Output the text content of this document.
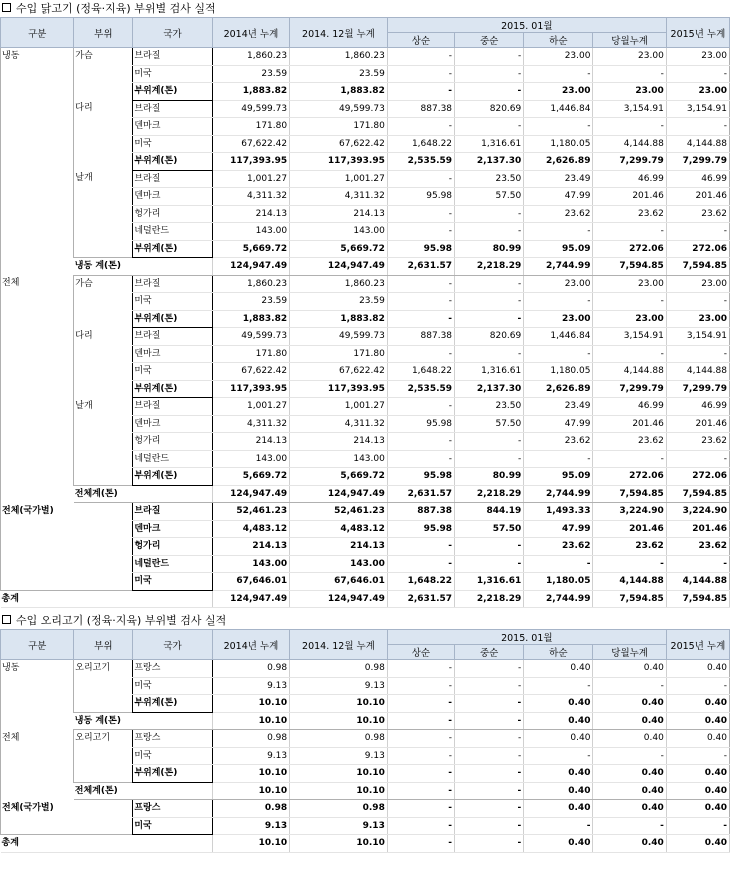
수입 닭고기 (정육·지육) 부위별 검사 실적
구분	부위	국가	2014년 누계	2014. 12월 누계	2015. 01월				2015년 누계
					상순	중순	하순	당월누계	
냉동	가슴	브라질	1,860.23	1,860.23	-	-	23.00	23.00	23.00
		미국	23.59	23.59	-	-	-	-	-
		부위계(톤)	1,883.82	1,883.82	-	-	23.00	23.00	23.00
	다리	브라질	49,599.73	49,599.73	887.38	820.69	1,446.84	3,154.91	3,154.91
		덴마크	171.80	171.80	-	-	-	-	-
		미국	67,622.42	67,622.42	1,648.22	1,316.61	1,180.05	4,144.88	4,144.88
		부위계(톤)	117,393.95	117,393.95	2,535.59	2,137.30	2,626.89	7,299.79	7,299.79
	날개	브라질	1,001.27	1,001.27	-	23.50	23.49	46.99	46.99
		덴마크	4,311.32	4,311.32	95.98	57.50	47.99	201.46	201.46
		헝가리	214.13	214.13	-	-	23.62	23.62	23.62
		네덜란드	143.00	143.00	-	-	-	-	-
		부위계(톤)	5,669.72	5,669.72	95.98	80.99	95.09	272.06	272.06
	냉동 계(톤)		124,947.49	124,947.49	2,631.57	2,218.29	2,744.99	7,594.85	7,594.85
전체	가슴	브라질	1,860.23	1,860.23	-	-	23.00	23.00	23.00
		미국	23.59	23.59	-	-	-	-	-
		부위계(톤)	1,883.82	1,883.82	-	-	23.00	23.00	23.00
	다리	브라질	49,599.73	49,599.73	887.38	820.69	1,446.84	3,154.91	3,154.91
		덴마크	171.80	171.80	-	-	-	-	-
		미국	67,622.42	67,622.42	1,648.22	1,316.61	1,180.05	4,144.88	4,144.88
		부위계(톤)	117,393.95	117,393.95	2,535.59	2,137.30	2,626.89	7,299.79	7,299.79
	날개	브라질	1,001.27	1,001.27	-	23.50	23.49	46.99	46.99
		덴마크	4,311.32	4,311.32	95.98	57.50	47.99	201.46	201.46
		헝가리	214.13	214.13	-	-	23.62	23.62	23.62
		네덜란드	143.00	143.00	-	-	-	-	-
		부위계(톤)	5,669.72	5,669.72	95.98	80.99	95.09	272.06	272.06
	전체계(톤)		124,947.49	124,947.49	2,631.57	2,218.29	2,744.99	7,594.85	7,594.85
전체(국가별)		브라질	52,461.23	52,461.23	887.38	844.19	1,493.33	3,224.90	3,224.90
		덴마크	4,483.12	4,483.12	95.98	57.50	47.99	201.46	201.46
		헝가리	214.13	214.13	-	-	23.62	23.62	23.62
		네덜란드	143.00	143.00	-	-	-	-	-
		미국	67,646.01	67,646.01	1,648.22	1,316.61	1,180.05	4,144.88	4,144.88
총계			124,947.49	124,947.49	2,631.57	2,218.29	2,744.99	7,594.85	7,594.85
수입 오리고기 (정육·지육) 부위별 검사 실적
구분	부위	국가	2014년 누계	2014. 12월 누계	2015. 01월				2015년 누계
					상순	중순	하순	당월누계	
냉동	오리고기	프랑스	0.98	0.98	-	-	0.40	0.40	0.40
		미국	9.13	9.13	-	-	-	-	-
		부위계(톤)	10.10	10.10	-	-	0.40	0.40	0.40
	냉동 계(톤)		10.10	10.10	-	-	0.40	0.40	0.40
전체	오리고기	프랑스	0.98	0.98	-	-	0.40	0.40	0.40
		미국	9.13	9.13	-	-	-	-	-
		부위계(톤)	10.10	10.10	-	-	0.40	0.40	0.40
	전체계(톤)		10.10	10.10	-	-	0.40	0.40	0.40
전체(국가별)		프랑스	0.98	0.98	-	-	0.40	0.40	0.40
		미국	9.13	9.13	-	-	-	-	-
총계			10.10	10.10	-	-	0.40	0.40	0.40
